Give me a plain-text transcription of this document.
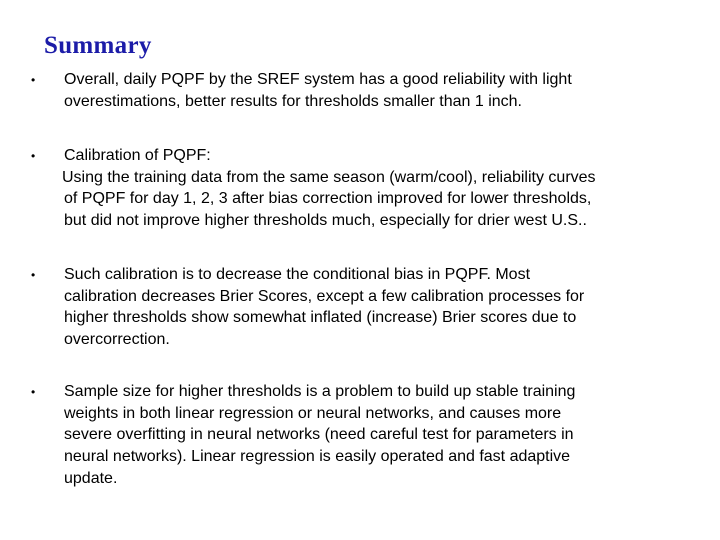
Summary
• Overall, daily PQPF by the SREF system has a good reliability with light
overestimations, better results for thresholds smaller than 1 inch.

• Calibration of PQPF:
Using the training data from the same season (warm/cool), reliability curves
of PQPF for day 1, 2, 3 after bias correction improved for lower thresholds,
but did not improve higher thresholds much, especially for drier west U.S..

• Such calibration is to decrease the conditional bias in PQPF. Most
calibration decreases Brier Scores, except a few calibration processes for
higher thresholds show somewhat inflated (increase) Brier scores due to
overcorrection.

• Sample size for higher thresholds is a problem to build up stable training
weights in both linear regression or neural networks, and causes more
severe overfitting in neural networks (need careful test for parameters in
neural networks). Linear regression is easily operated and fast adaptive
update.
